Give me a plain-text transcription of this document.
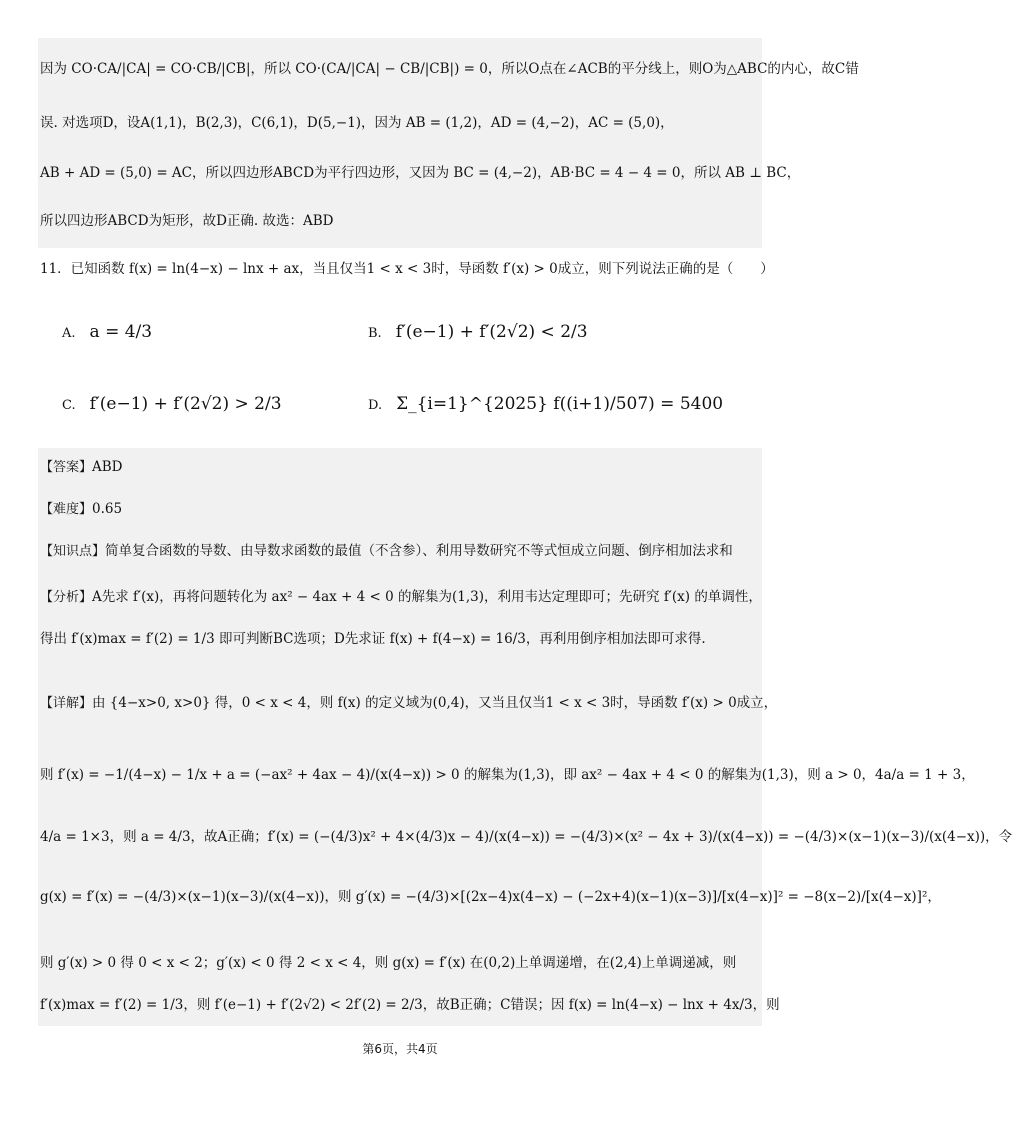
因为 CO·CA/|CA| = CO·CB/|CB|，所以 CO·(CA/|CA| − CB/|CB|) = 0，所以O点在∠ACB的平分线上，则O为△ABC的内心，故C错
误. 对选项D，设A(1,1)，B(2,3)，C(6,1)，D(5,−1)，因为 AB = (1,2)，AD = (4,−2)，AC = (5,0)，
AB + AD = (5,0) = AC，所以四边形ABCD为平行四边形，又因为 BC = (4,−2)，AB·BC = 4 − 4 = 0，所以 AB ⊥ BC，
所以四边形ABCD为矩形，故D正确. 故选：ABD
11．已知函数 f(x) = ln(4−x) − lnx + ax，当且仅当1 < x < 3时，导函数 f′(x) > 0成立，则下列说法正确的是（　　）
A. a = 4/3	B. f′(e−1) + f′(2√2) < 2/3
C. f′(e−1) + f′(2√2) > 2/3	D. Σ_{i=1}^{2025} f((i+1)/507) = 5400
【答案】ABD
【难度】0.65
【知识点】简单复合函数的导数、由导数求函数的最值（不含参）、利用导数研究不等式恒成立问题、倒序相加法求和
【分析】A先求 f′(x)，再将问题转化为 ax² − 4ax + 4 < 0 的解集为(1,3)，利用韦达定理即可；先研究 f′(x) 的单调性，
得出 f′(x)max = f′(2) = 1/3 即可判断BC选项；D先求证 f(x) + f(4−x) = 16/3，再利用倒序相加法即可求得.
【详解】由 {4−x>0, x>0} 得，0 < x < 4，则 f(x) 的定义域为(0,4)，又当且仅当1 < x < 3时，导函数 f′(x) > 0成立，
则 f′(x) = −1/(4−x) − 1/x + a = (−ax² + 4ax − 4)/(x(4−x)) > 0 的解集为(1,3)，即 ax² − 4ax + 4 < 0 的解集为(1,3)，则 a > 0，4a/a = 1 + 3，
4/a = 1×3，则 a = 4/3，故A正确；f′(x) = (−(4/3)x² + 4×(4/3)x − 4)/(x(4−x)) = −(4/3)×(x² − 4x + 3)/(x(4−x)) = −(4/3)×(x−1)(x−3)/(x(4−x))，令
g(x) = f′(x) = −(4/3)×(x−1)(x−3)/(x(4−x))，则 g′(x) = −(4/3)×[(2x−4)x(4−x) − (−2x+4)(x−1)(x−3)]/[x(4−x)]² = −8(x−2)/[x(4−x)]²，
则 g′(x) > 0 得 0 < x < 2；g′(x) < 0 得 2 < x < 4，则 g(x) = f′(x) 在(0,2)上单调递增，在(2,4)上单调递减，则
f′(x)max = f′(2) = 1/3，则 f′(e−1) + f′(2√2) < 2f′(2) = 2/3，故B正确；C错误；因 f(x) = ln(4−x) − lnx + 4x/3，则
第6页，共4页
